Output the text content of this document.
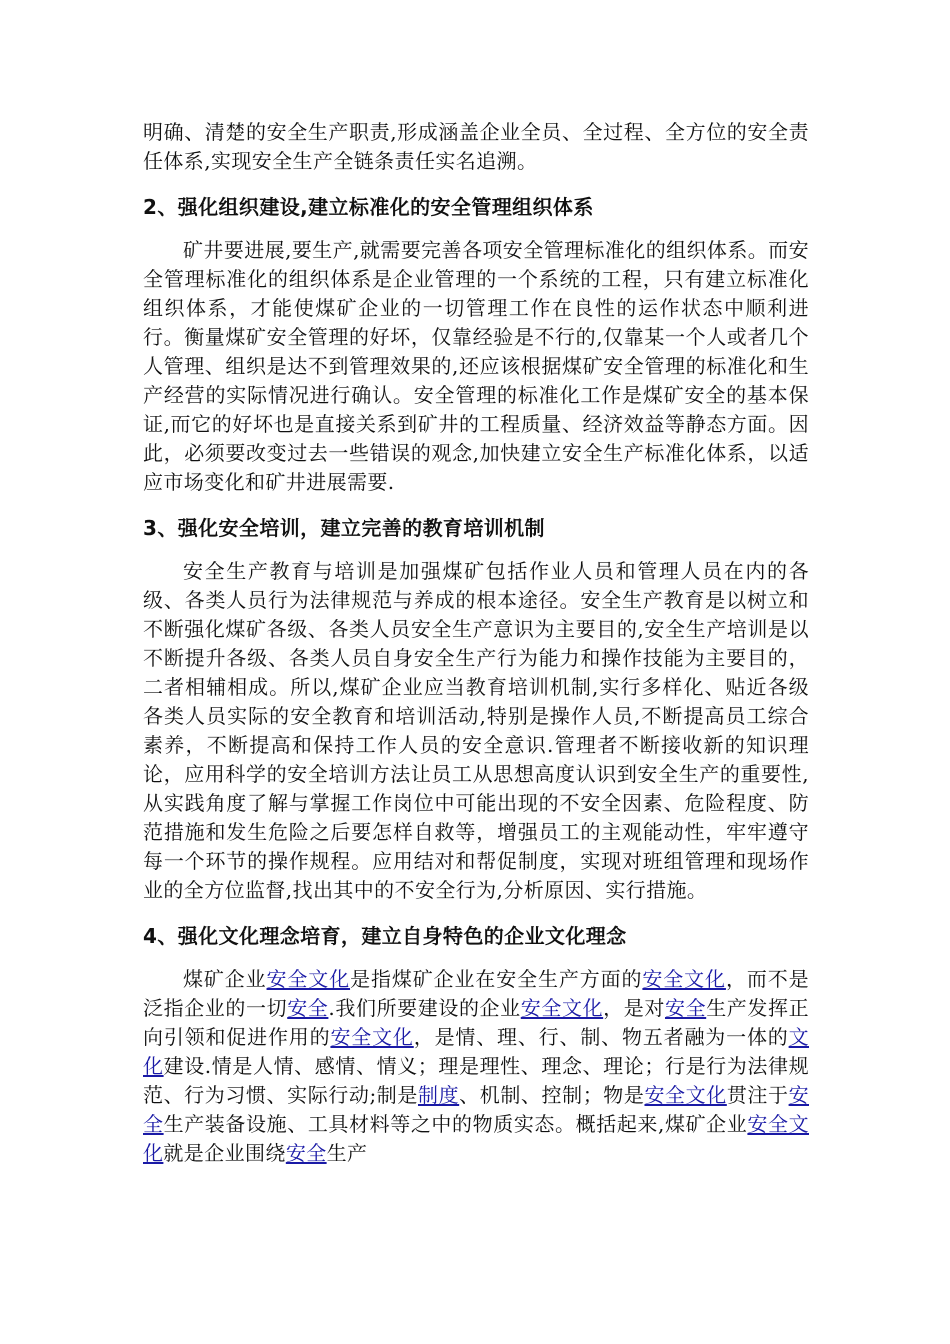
明确、清楚的安全生产职责,形成涵盖企业全员、全过程、全方位的安全责任体系,实现安全生产全链条责任实名追溯。

2、强化组织建设,建立标准化的安全管理组织体系

矿井要进展,要生产,就需要完善各项安全管理标准化的组织体系。而安全管理标准化的组织体系是企业管理的一个系统的工程，只有建立标准化组织体系，才能使煤矿企业的一切管理工作在良性的运作状态中顺利进行。衡量煤矿安全管理的好坏，仅靠经验是不行的,仅靠某一个人或者几个人管理、组织是达不到管理效果的,还应该根据煤矿安全管理的标准化和生产经营的实际情况进行确认。安全管理的标准化工作是煤矿安全的基本保证,而它的好坏也是直接关系到矿井的工程质量、经济效益等静态方面。因此，必须要改变过去一些错误的观念,加快建立安全生产标准化体系，以适应市场变化和矿井进展需要.

3、强化安全培训，建立完善的教育培训机制

安全生产教育与培训是加强煤矿包括作业人员和管理人员在内的各级、各类人员行为法律规范与养成的根本途径。安全生产教育是以树立和不断强化煤矿各级、各类人员安全生产意识为主要目的,安全生产培训是以不断提升各级、各类人员自身安全生产行为能力和操作技能为主要目的，二者相辅相成。所以,煤矿企业应当教育培训机制,实行多样化、贴近各级各类人员实际的安全教育和培训活动,特别是操作人员,不断提高员工综合素养，不断提高和保持工作人员的安全意识.管理者不断接收新的知识理论，应用科学的安全培训方法让员工从思想高度认识到安全生产的重要性,从实践角度了解与掌握工作岗位中可能出现的不安全因素、危险程度、防范措施和发生危险之后要怎样自救等，增强员工的主观能动性，牢牢遵守每一个环节的操作规程。应用结对和帮促制度，实现对班组管理和现场作业的全方位监督,找出其中的不安全行为,分析原因、实行措施。

4、强化文化理念培育，建立自身特色的企业文化理念

煤矿企业安全文化是指煤矿企业在安全生产方面的安全文化，而不是泛指企业的一切安全.我们所要建设的企业安全文化，是对安全生产发挥正向引领和促进作用的安全文化，是情、理、行、制、物五者融为一体的文化建设.情是人情、感情、情义；理是理性、理念、理论；行是行为法律规范、行为习惯、实际行动;制是制度、机制、控制；物是安全文化贯注于安全生产装备设施、工具材料等之中的物质实态。概括起来,煤矿企业安全文化就是企业围绕安全生产
